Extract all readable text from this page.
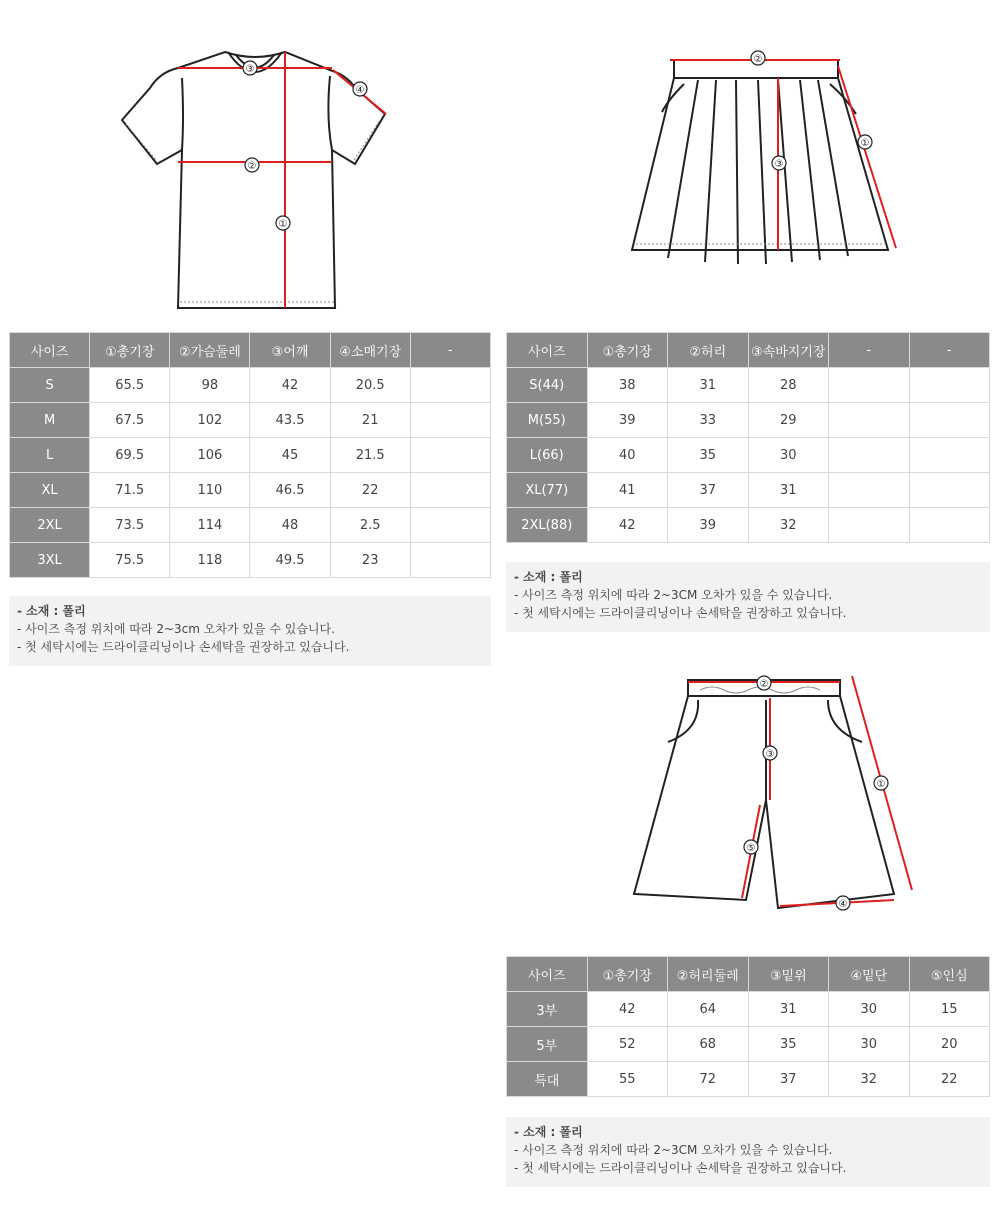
③
②
①
④
②
①
③
②
①
③
④
⑤
사이즈	①총기장	②가슴둘레	③어깨	④소매기장	-
S	65.5	98	42	20.5	
M	67.5	102	43.5	21	
L	69.5	106	45	21.5	
XL	71.5	110	46.5	22	
2XL	73.5	114	48	2.5	
3XL	75.5	118	49.5	23	
- 소재 : 폴리
- 사이즈 측정 위치에 따라 2~3cm 오차가 있을 수 있습니다.
- 첫 세탁시에는 드라이클리닝이나 손세탁을 권장하고 있습니다.
사이즈	①총기장	②허리	③속바지기장	-	-
S(44)	38	31	28		
M(55)	39	33	29		
L(66)	40	35	30		
XL(77)	41	37	31		
2XL(88)	42	39	32		
- 소재 : 폴리
- 사이즈 측정 위치에 따라 2~3CM 오차가 있을 수 있습니다.
- 첫 세탁시에는 드라이클리닝이나 손세탁을 권장하고 있습니다.
사이즈	①총기장	②허리둘레	③밑위	④밑단	⑤인심
3부	42	64	31	30	15
5부	52	68	35	30	20
특대	55	72	37	32	22
- 소재 : 폴리
- 사이즈 측정 위치에 따라 2~3CM 오차가 있을 수 있습니다.
- 첫 세탁시에는 드라이클리닝이나 손세탁을 권장하고 있습니다.
